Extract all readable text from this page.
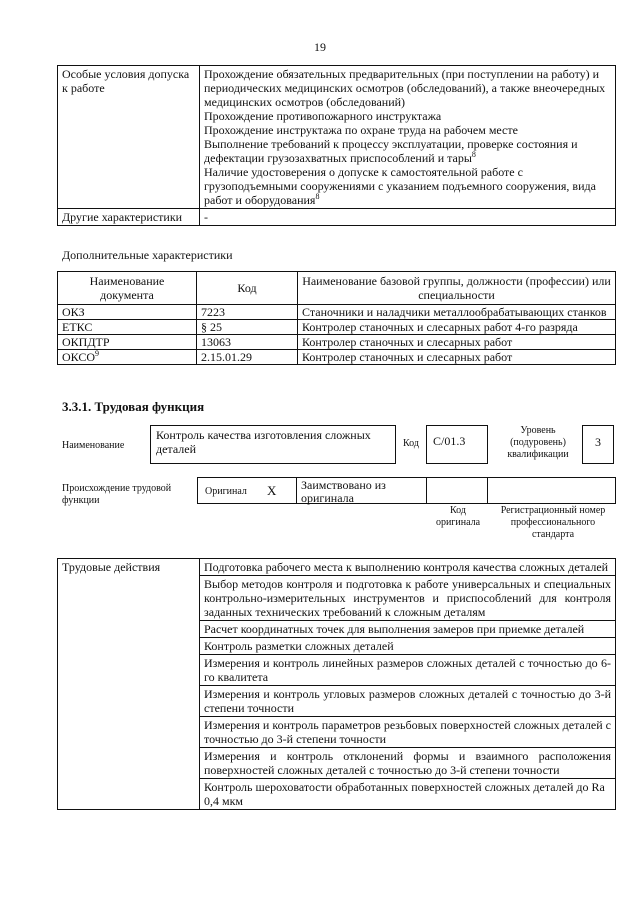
19
Особые условия допуска к работе	Прохождение обязательных предварительных (при поступлении на работу) и периодических медицинских осмотров (обследований), а также внеочередных медицинских осмотров (обследований)
Прохождение противопожарного инструктажа
Прохождение инструктажа по охране труда на рабочем месте
Выполнение требований к процессу эксплуатации, проверке состояния и дефектации грузозахватных приспособлений и тары$^8$
Наличие удостоверения о допуске к самостоятельной работе с грузоподъемными сооружениями с указанием подъемного сооружения, вида работ и оборудования$^8$

Другие характеристики	-
Дополнительные характеристики
Наименование документа	Код	Наименование базовой группы, должности (профессии) или специальности
ОКЗ	7223	Станочники и наладчики металлообрабатывающих станков
ЕТКС	§ 25	Контролер станочных и слесарных работ 4-го разряда
ОКПДТР	13063	Контролер станочных и слесарных работ
ОКСО$^9$	2.15.01.29	Контролер станочных и слесарных работ
3.3.1. Трудовая функция
Наименование
Контроль качества изготовления сложных деталей	Код	C/01.3
Уровень (подуровень) квалификации
3
Происхождение трудовой функции
Оригинал X	Заимствовано из оригинала
Код оригинала
Регистрационный номер профессионального стандарта
Трудовые действия	Подготовка рабочего места к выполнению контроля качества сложных деталей
Выбор методов контроля и подготовка к работе универсальных и специальных контрольно-измерительных инструментов и приспособлений для контроля заданных технических требований к сложным деталям
Расчет координатных точек для выполнения замеров при приемке деталей
Контроль разметки сложных деталей
Измерения и контроль линейных размеров сложных деталей с точностью до 6-го квалитета
Измерения и контроль угловых размеров сложных деталей с точностью до 3-й степени точности
Измерения и контроль параметров резьбовых поверхностей сложных деталей с точностью до 3-й степени точности
Измерения и контроль отклонений формы и взаимного расположения поверхностей сложных деталей с точностью до 3-й степени точности
Контроль шероховатости обработанных поверхностей сложных деталей до Ra 0,4 мкм
